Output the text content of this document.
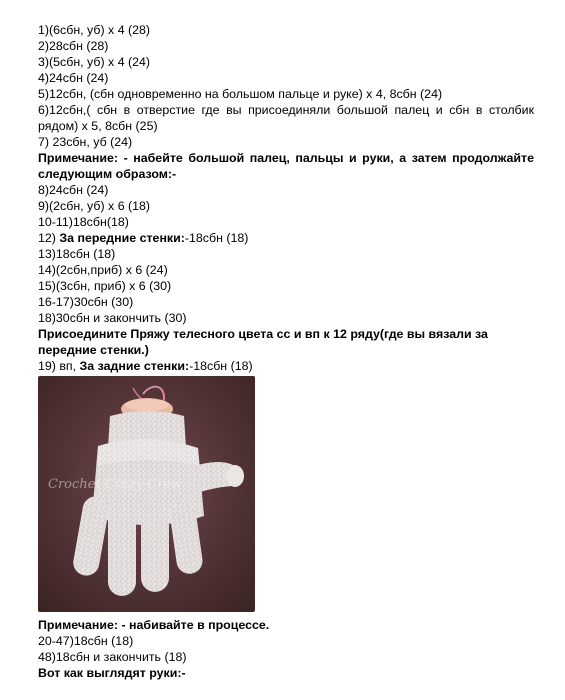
1)(6сбн, уб) х 4 (28)
2)28сбн (28)
3)(5сбн, уб) х 4 (24)
4)24сбн (24)
5)12сбн, (сбн одновременно на большом пальце и руке) х 4, 8сбн (24)
6)12сбн,( сбн в отверстие где вы присоединяли большой палец и сбн в столбик рядом) х 5, 8сбн (25)
7) 23сбн, уб (24)
Примечание: - набейте большой палец, пальцы и руки, а затем продолжайте следующим образом:-
8)24сбн (24)
9)(2сбн, уб) х 6 (18)
10-11)18сбн(18)
12) За передние стенки:-18сбн (18)
13)18сбн (18)
14)(2сбн,приб) х 6 (24)
15)(3сбн, приб) х 6 (30)
16-17)30сбн (30)
18)30сбн и закончить (30)
Присоедините Пряжу телесного цвета сс и вп к 12 ряду(где вы вязали за передние стенки.)
19) вп, За задние стенки:-18сбн (18)
Crochet Crazy Crew
Примечание: - набивайте в процессе.
20-47)18сбн (18)
48)18сбн и закончить (18)
Вот как выглядят руки:-
